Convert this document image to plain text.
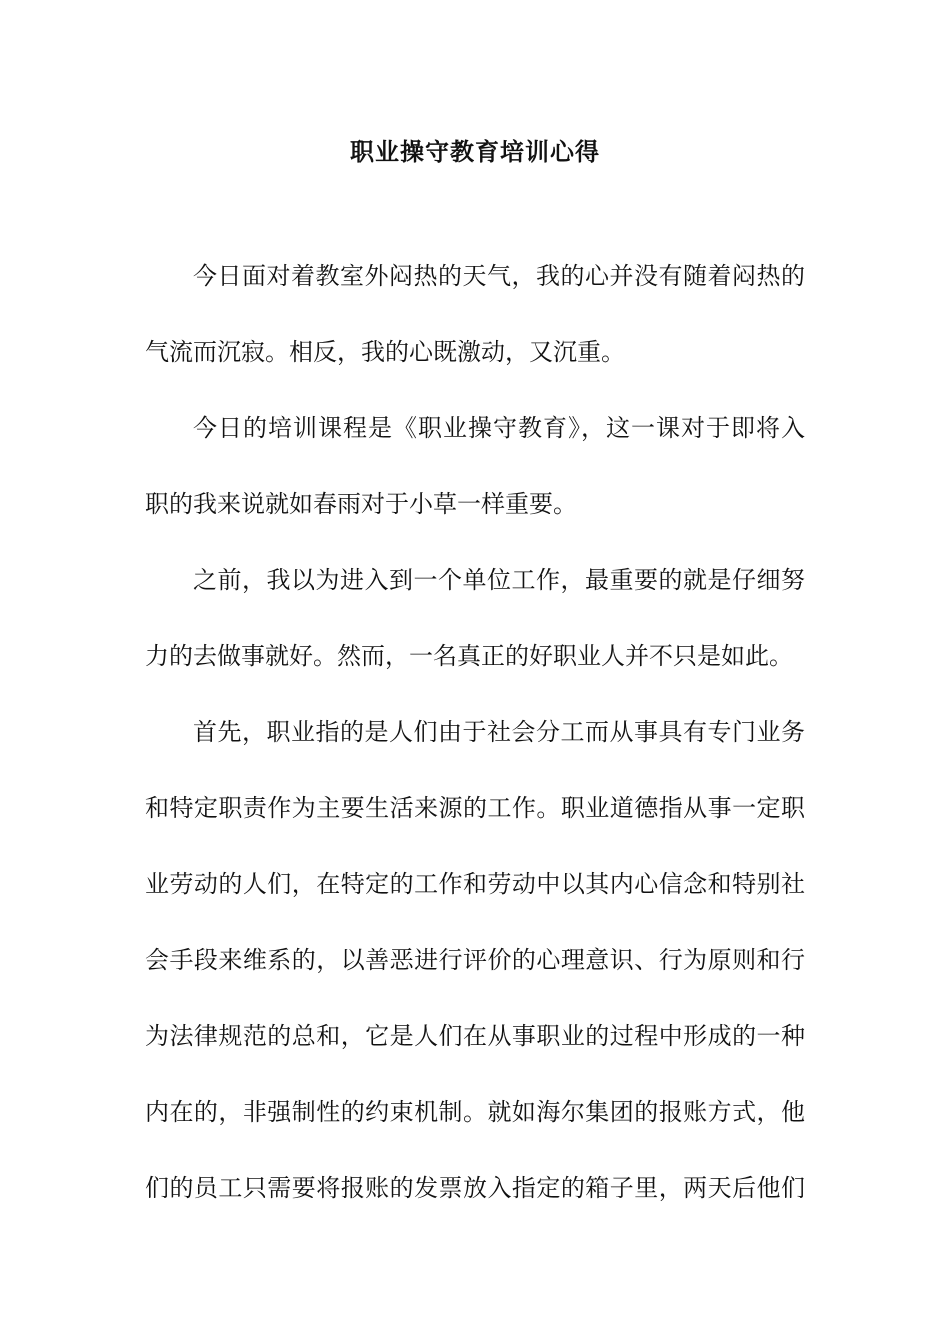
职业操守教育培训心得
今日面对着教室外闷热的天气，我的心并没有随着闷热的
气流而沉寂。相反，我的心既激动，又沉重。
今日的培训课程是《职业操守教育》，这一课对于即将入
职的我来说就如春雨对于小草一样重要。
之前，我以为进入到一个单位工作，最重要的就是仔细努
力的去做事就好。然而，一名真正的好职业人并不只是如此。
首先，职业指的是人们由于社会分工而从事具有专门业务
和特定职责作为主要生活来源的工作。职业道德指从事一定职
业劳动的人们，在特定的工作和劳动中以其内心信念和特别社
会手段来维系的，以善恶进行评价的心理意识、行为原则和行
为法律规范的总和，它是人们在从事职业的过程中形成的一种
内在的，非强制性的约束机制。就如海尔集团的报账方式，他
们的员工只需要将报账的发票放入指定的箱子里，两天后他们
